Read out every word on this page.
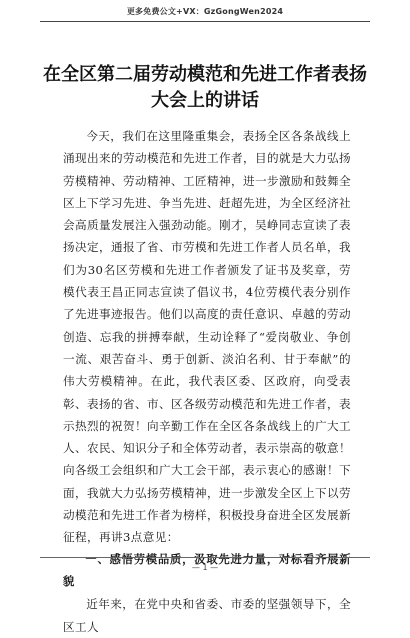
更多免费公文+VX：GzGongWen2024
在全区第二届劳动模范和先进工作者表扬大会上的讲话

今天，我们在这里隆重集会，表扬全区各条战线上涌现出来的劳动模范和先进工作者，目的就是大力弘扬劳模精神、劳动精神、工匠精神，进一步激励和鼓舞全区上下学习先进、争当先进、赶超先进，为全区经济社会高质量发展注入强劲动能。刚才，吴峥同志宣读了表扬决定，通报了省、市劳模和先进工作者人员名单，我们为30名区劳模和先进工作者颁发了证书及奖章，劳模代表王昌正同志宣读了倡议书，4位劳模代表分别作了先进事迹报告。他们以高度的责任意识、卓越的劳动创造、忘我的拼搏奉献，生动诠释了“爱岗敬业、争创一流、艰苦奋斗、勇于创新、淡泊名利、甘于奉献”的伟大劳模精神。在此，我代表区委、区政府，向受表彰、表扬的省、市、区各级劳动模范和先进工作者，表示热烈的祝贺！向辛勤工作在全区各条战线上的广大工人、农民、知识分子和全体劳动者，表示崇高的敬意！向各级工会组织和广大工会干部，表示衷心的感谢！下面，我就大力弘扬劳模精神，进一步激发全区上下以劳动模范和先进工作者为榜样，积极投身奋进全区发展新征程，再讲3点意见：

一、感悟劳模品质，汲取先进力量，对标看齐展新貌

近年来，在党中央和省委、市委的坚强领导下，全区工人

— 1 —
